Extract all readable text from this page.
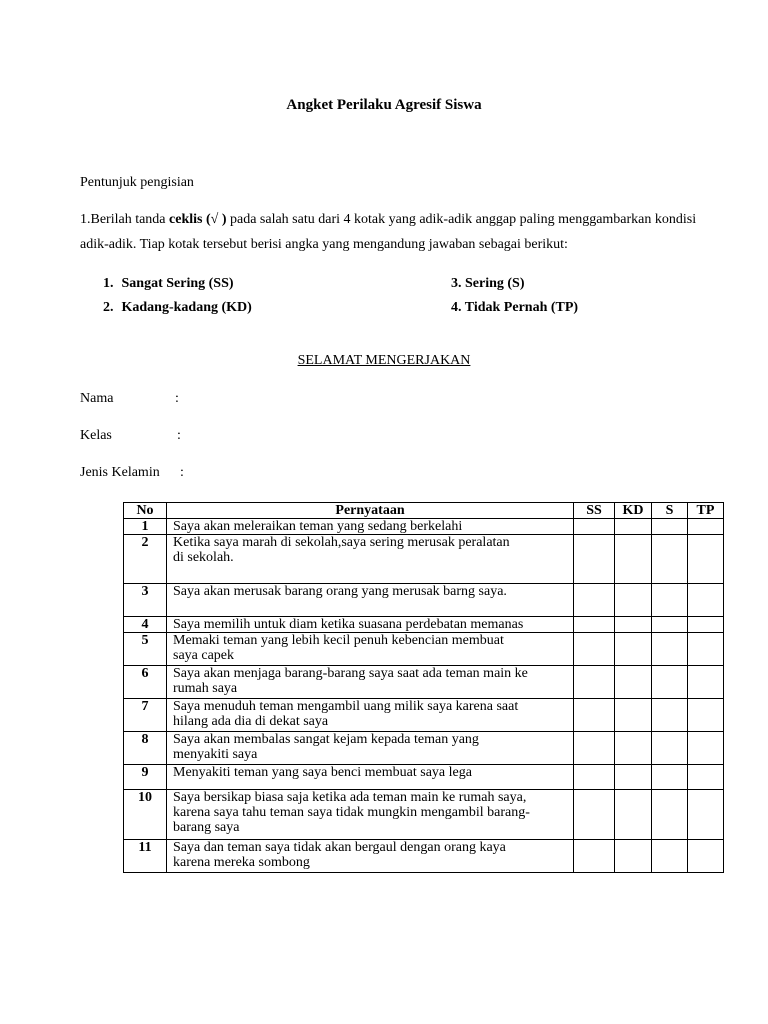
Angket Perilaku Agresif Siswa
Pentunjuk pengisian
1.Berilah tanda ceklis (√ ) pada salah satu dari 4 kotak yang adik-adik anggap paling menggambarkan kondisi
adik-adik. Tiap kotak tersebut berisi angka yang mengandung jawaban sebagai berikut:
1. Sangat Sering (SS)
2. Kadang-kadang (KD)
3. Sering (S)
4. Tidak Pernah (TP)
SELAMAT MENGERJAKAN
Nama	:
Kelas	:
Jenis Kelamin :
No	Pernyataan	SS	KD	S	TP
1	Saya akan meleraikan teman yang sedang berkelahi				

2	Ketika saya marah di sekolah,saya sering merusak peralatan
di sekolah.				

3	Saya akan merusak barang orang yang merusak barng saya.				

4	Saya memilih untuk diam ketika suasana perdebatan memanas				

5	Memaki teman yang lebih kecil penuh kebencian membuat
saya capek				

6	Saya akan menjaga barang-barang saya saat ada teman main ke
rumah saya				

7	Saya menuduh teman mengambil uang milik saya karena saat
hilang ada dia di dekat saya				

8	Saya akan membalas sangat kejam kepada teman yang
menyakiti saya				

9	Menyakiti teman yang saya benci membuat saya lega				

10	Saya bersikap biasa saja ketika ada teman main ke rumah saya,
karena saya tahu teman saya tidak mungkin mengambil barang-
barang saya				

11	Saya dan teman saya tidak akan bergaul dengan orang kaya
karena mereka sombong				
